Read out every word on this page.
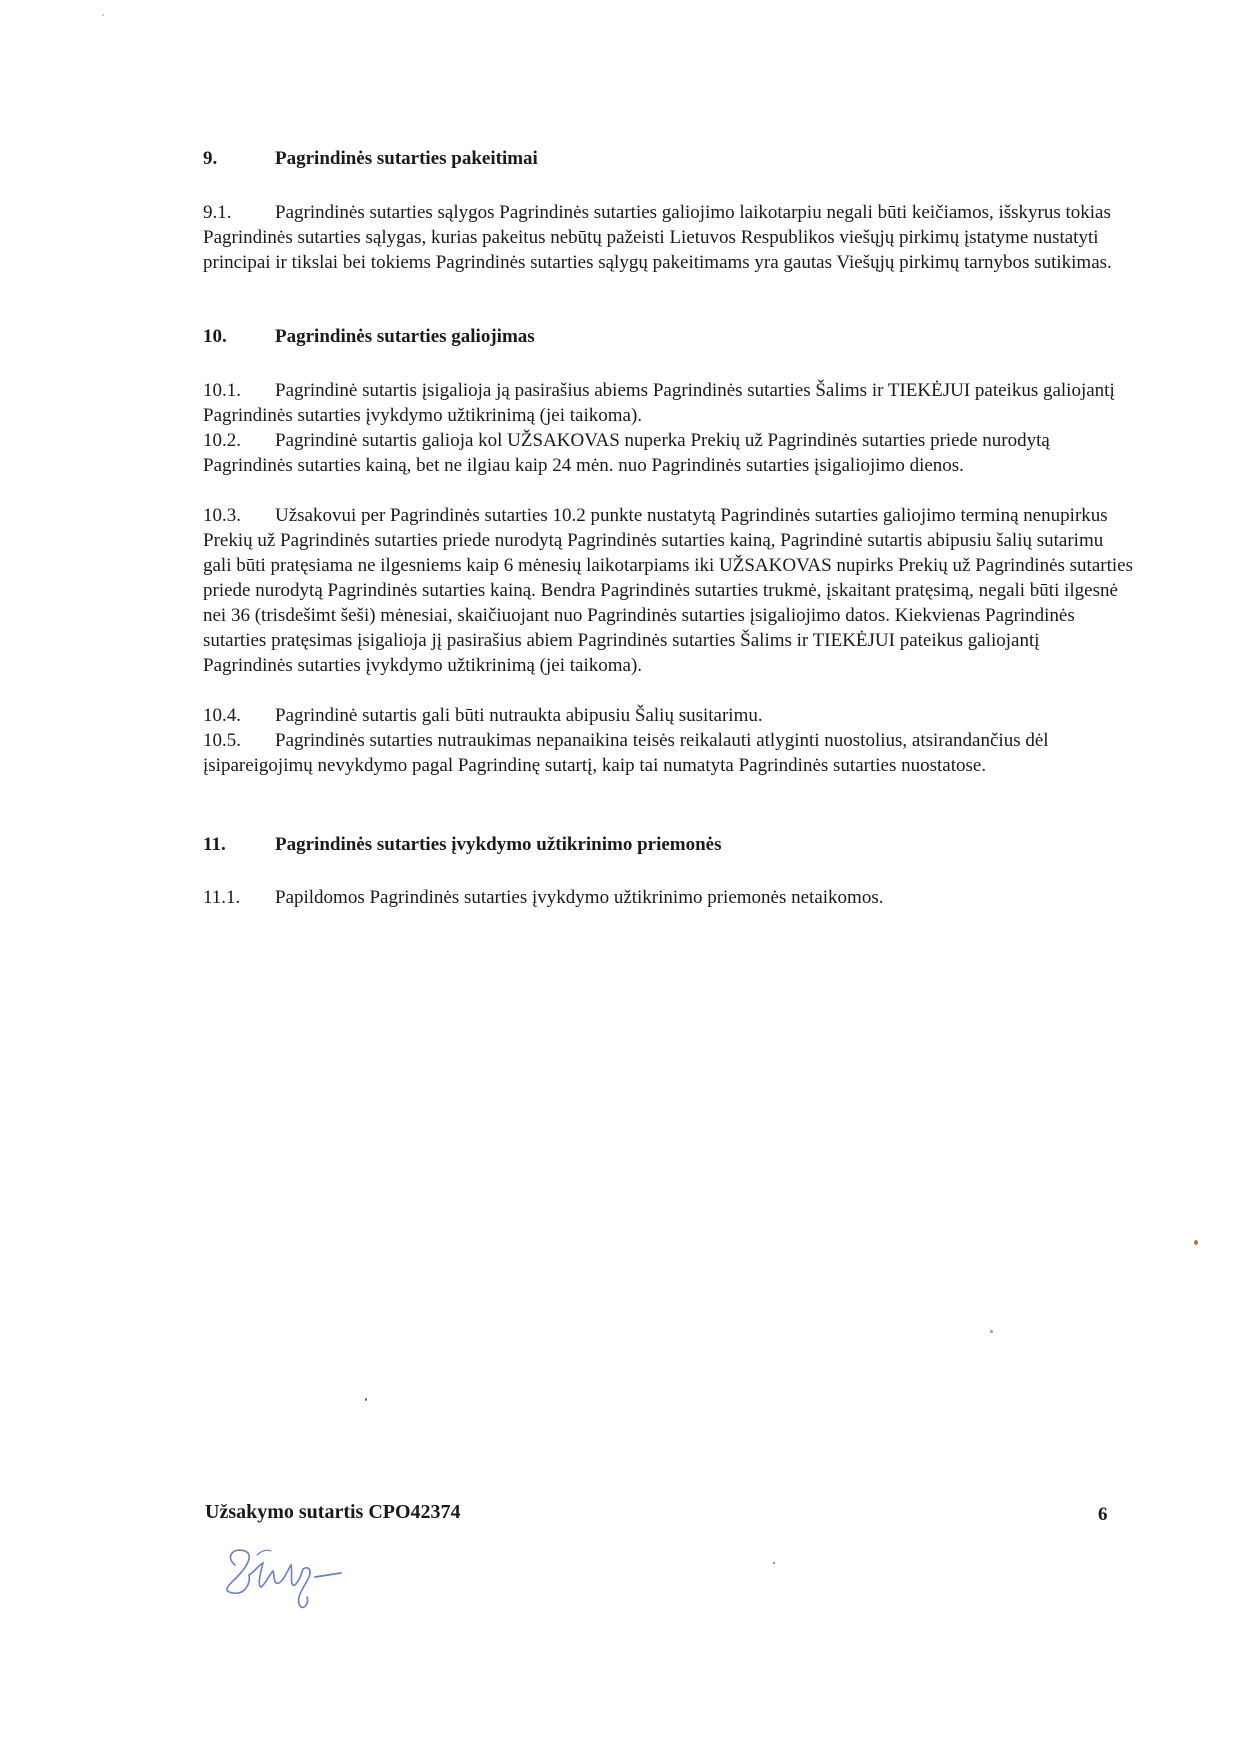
9.	Pagrindinės sutarties pakeitimai
9.1. Pagrindinės sutarties sąlygos Pagrindinės sutarties galiojimo laikotarpiu negali būti keičiamos, išskyrus tokias Pagrindinės sutarties sąlygas, kurias pakeitus nebūtų pažeisti Lietuvos Respublikos viešųjų pirkimų įstatyme nustatyti principai ir tikslai bei tokiems Pagrindinės sutarties sąlygų pakeitimams yra gautas Viešųjų pirkimų tarnybos sutikimas.
10.	Pagrindinės sutarties galiojimas
10.1. Pagrindinė sutartis įsigalioja ją pasirašius abiems Pagrindinės sutarties Šalims ir TIEKĖJUI pateikus galiojantį Pagrindinės sutarties įvykdymo užtikrinimą (jei taikoma).
10.2. Pagrindinė sutartis galioja kol UŽSAKOVAS nuperka Prekių už Pagrindinės sutarties priede nurodytą Pagrindinės sutarties kainą, bet ne ilgiau kaip 24 mėn. nuo Pagrindinės sutarties įsigaliojimo dienos.
10.3. Užsakovui per Pagrindinės sutarties 10.2 punkte nustatytą Pagrindinės sutarties galiojimo terminą nenupirkus Prekių už Pagrindinės sutarties priede nurodytą Pagrindinės sutarties kainą, Pagrindinė sutartis abipusiu šalių sutarimu gali būti pratęsiama ne ilgesniems kaip 6 mėnesių laikotarpiams iki UŽSAKOVAS nupirks Prekių už Pagrindinės sutarties priede nurodytą Pagrindinės sutarties kainą. Bendra Pagrindinės sutarties trukmė, įskaitant pratęsimą, negali būti ilgesnė nei 36 (trisdešimt šeši) mėnesiai, skaičiuojant nuo Pagrindinės sutarties įsigaliojimo datos. Kiekvienas Pagrindinės sutarties pratęsimas įsigalioja jį pasirašius abiem Pagrindinės sutarties Šalims ir TIEKĖJUI pateikus galiojantį Pagrindinės sutarties įvykdymo užtikrinimą (jei taikoma).
10.4. Pagrindinė sutartis gali būti nutraukta abipusiu Šalių susitarimu.
10.5. Pagrindinės sutarties nutraukimas nepanaikina teisės reikalauti atlyginti nuostolius, atsirandančius dėl įsipareigojimų nevykdymo pagal Pagrindinę sutartį, kaip tai numatyta Pagrindinės sutarties nuostatose.
11.	Pagrindinės sutarties įvykdymo užtikrinimo priemonės
11.1. Papildomos Pagrindinės sutarties įvykdymo užtikrinimo priemonės netaikomos.
Užsakymo sutartis CPO42374	6
